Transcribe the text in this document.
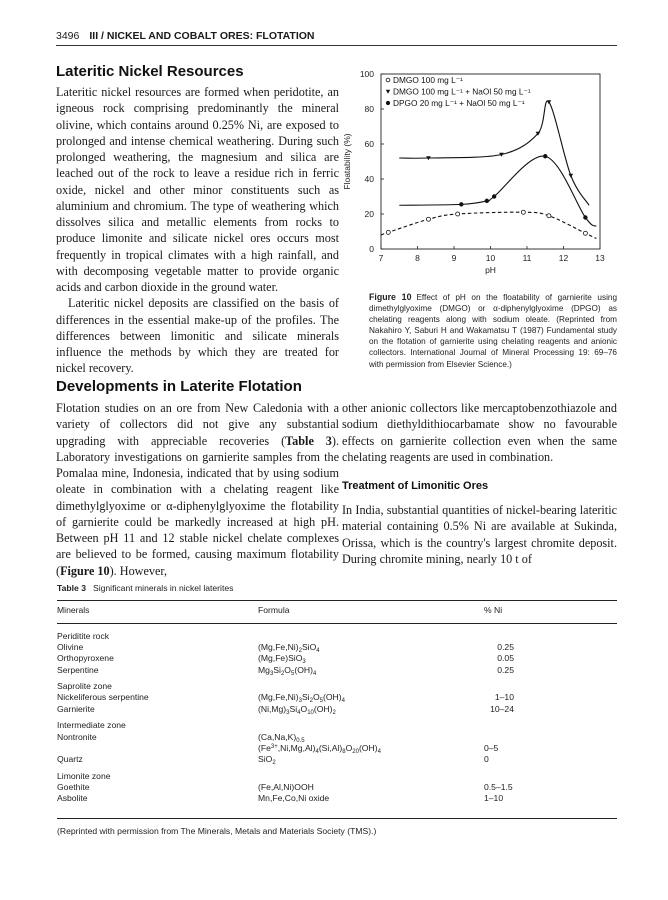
3496 III / NICKEL AND COBALT ORES: FLOTATION
Lateritic Nickel Resources

Lateritic nickel resources are formed when peridotite, an igneous rock comprising predominantly the mineral olivine, which contains around 0.25% Ni, are exposed to prolonged and intense chemical weathering. During such prolonged weathering, the magnesium and silica are leached out of the rock to leave a residue rich in ferric oxide, nickel and other minor constituents such as aluminium and chromium. The type of weathering which dissolves silica and metallic elements from rocks to produce limonite and silicate nickel ores occurs most frequently in tropical climates with a high rainfall, and with decomposing vegetable matter to provide organic acids and carbon dioxide in the ground water.

Lateritic nickel deposits are classified on the basis of differences in the essential make-up of the profiles. The differences between limonitic and silicate minerals influence the methods by which they are treated for nickel recovery.

7	8	9	10	11	12	13
0
20
40
60
80
100
pH
Floatability (%)
DMGO 100 mg L⁻¹
DMGO 100 mg L⁻¹ + NaOl 50 mg L⁻¹
DPGO 20 mg L⁻¹ + NaOl 50 mg L⁻¹
Figure 10 Effect of pH on the floatability of garnierite using dimethylglyoxime (DMGO) or α-diphenylglyoxime (DPGO) as chelating reagents along with sodium oleate. (Reprinted from Nakahiro Y, Saburi H and Wakamatsu T (1987) Fundamental study on the flotation of garnierite using chelating reagents and anionic collectors. International Journal of Mineral Processing 19: 69–76 with permission from Elsevier Science.)
Developments in Laterite Flotation

Flotation studies on an ore from New Caledonia with a variety of collectors did not give any substantial upgrading with appreciable recoveries (Table 3). Laboratory investigations on garnierite samples from the Pomalaa mine, Indonesia, indicated that by using sodium oleate in combination with a chelating reagent like dimethylglyoxime or α-diphenylglyoxime the flotability of garnierite could be markedly increased at high pH. Between pH 11 and 12 stable nickel chelate complexes are believed to be formed, causing maximum flotability (Figure 10). However,

other anionic collectors like mercaptobenzothiazole and sodium diethyldithiocarbamate show no favourable effects on garnierite collection even when the same chelating reagents are used in combination.

Treatment of Limonitic Ores

In India, substantial quantities of nickel-bearing lateritic material containing 0.5% Ni are available at Sukinda, Orissa, which is the country's largest chromite deposit. During chromite mining, nearly 10 t of

Table 3 Significant minerals in nickel laterites
Minerals	Formula	% Ni
Periditite rock
Olivine	$(Mg,Fe,Ni)_2SiO_4$	0.25
Orthopyroxene	(Mg,Fe)SiO$_3$	0.05
Serpentine	$Mg_3Si_2O_5(OH)_4$	0.25
Saprolite zone
Nickeliferous serpentine	$(Mg,Fe,Ni)_3Si_2O_5(OH)_4$	1–10
Garnierite	$(Ni,Mg)_3Si_4O_{10}(OH)_2$	10–24
Intermediate zone
Nontronite	$(Ca,Na,K)_{0.5}$
$(Fe^{3+},Ni,Mg,Al)_4(Si,Al)_8O_{20}(OH)_4$	0–5
Quartz	SiO$_2$	0
Limonite zone
Goethite	(Fe,Al,Ni)OOH	0.5–1.5
Asbolite	Mn,Fe,Co,Ni oxide	1–10
(Reprinted with permission from The Minerals, Metals and Materials Society (TMS).)
